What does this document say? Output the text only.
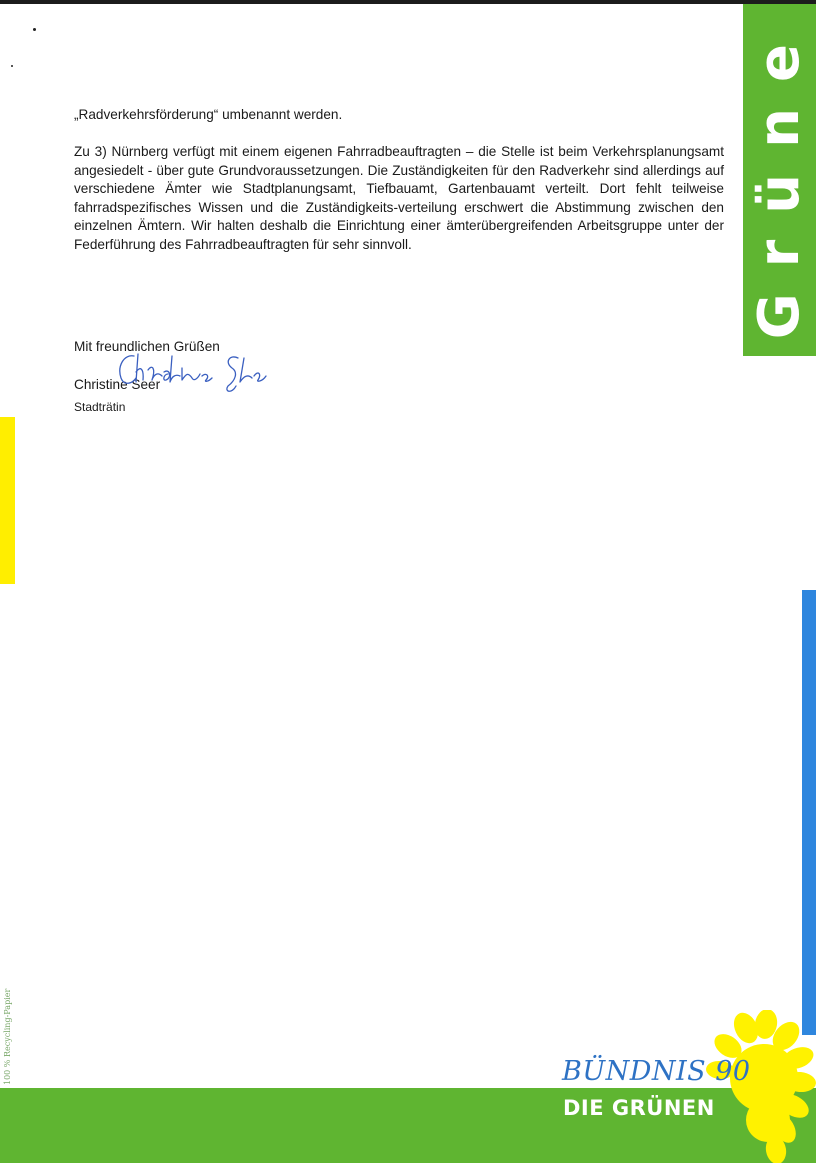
Grüne
„Radverkehrsförderung“ umbenannt werden.
Zu 3) Nürnberg verfügt mit einem eigenen Fahrradbeauftragten – die Stelle ist beim Verkehrsplanungsamt angesiedelt - über gute Grundvoraussetzungen. Die Zuständigkeiten für den Radverkehr sind allerdings auf verschiedene Ämter wie Stadtplanungsamt, Tiefbauamt, Gartenbauamt verteilt. Dort fehlt teilweise fahrradspezifisches Wissen und die Zuständigkeits-verteilung erschwert die Abstimmung zwischen den einzelnen Ämtern. Wir halten deshalb die Einrichtung einer ämterübergreifenden Arbeitsgruppe unter der Federführung des Fahrradbeauftragten für sehr sinnvoll.
Mit freundlichen Grüßen
Christine Seer
Stadträtin
100 % Recycling-Papier	BÜNDNIS 90
DIE GRÜNEN
